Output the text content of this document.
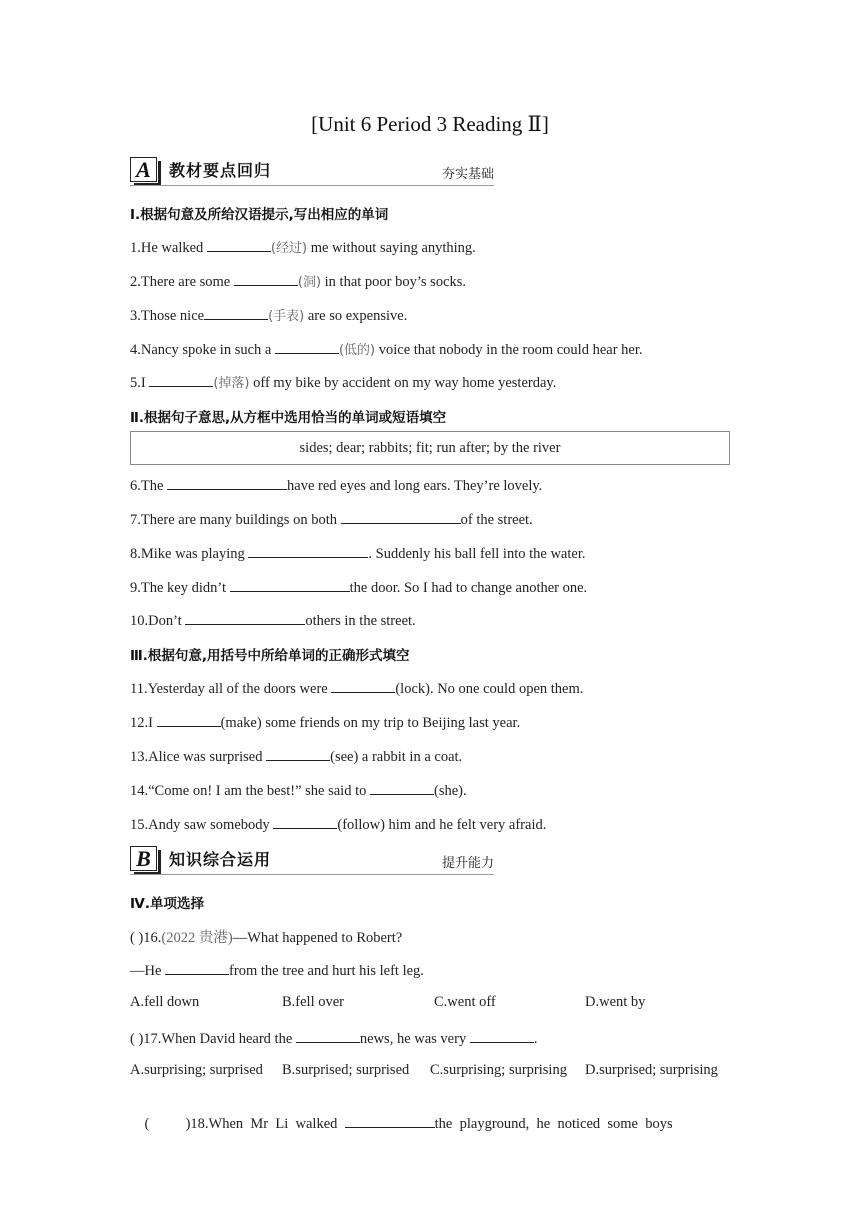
[Unit 6 Period 3 Reading Ⅱ]
A	教材要点回归	夯实基础
Ⅰ.根据句意及所给汉语提示,写出相应的单词
1.He walked	(经过) me without saying anything.
2.There are some	(洞) in that poor boy’s socks.
3.Those nice	(手表) are so expensive.
4.Nancy spoke in such a	(低的) voice that nobody in the room could hear her.
5.I	(掉落) off my bike by accident on my way home yesterday.
Ⅱ.根据句子意思,从方框中选用恰当的单词或短语填空
sides; dear; rabbits; fit; run after; by the river
6.The	have red eyes and long ears. They’re lovely.
7.There are many buildings on both	of the street.
8.Mike was playing	. Suddenly his ball fell into the water.
9.The key didn’t	the door. So I had to change another one.
10.Don’t	others in the street.
Ⅲ.根据句意,用括号中所给单词的正确形式填空
11.Yesterday all of the doors were	(lock). No one could open them.
12.I	(make) some friends on my trip to Beijing last year.
13.Alice was surprised	(see) a rabbit in a coat.
14.“Come on! I am the best!” she said to	(she).
15.Andy saw somebody	(follow) him and he felt very afraid.
B	知识综合运用	提升能力
Ⅳ.单项选择
( )16.(2022 贵港)—What happened to Robert?
—He	from the tree and hurt his left leg.
A.fell down	B.fell over	C.went off	D.went by
( )17.When David heard the	news, he was very	.
A.surprising; surprised B.surprised; surprised C.surprising; surprising D.surprised; surprising

(          )18.When  Mr  Li  walked	the  playground,  he  noticed  some  boys
